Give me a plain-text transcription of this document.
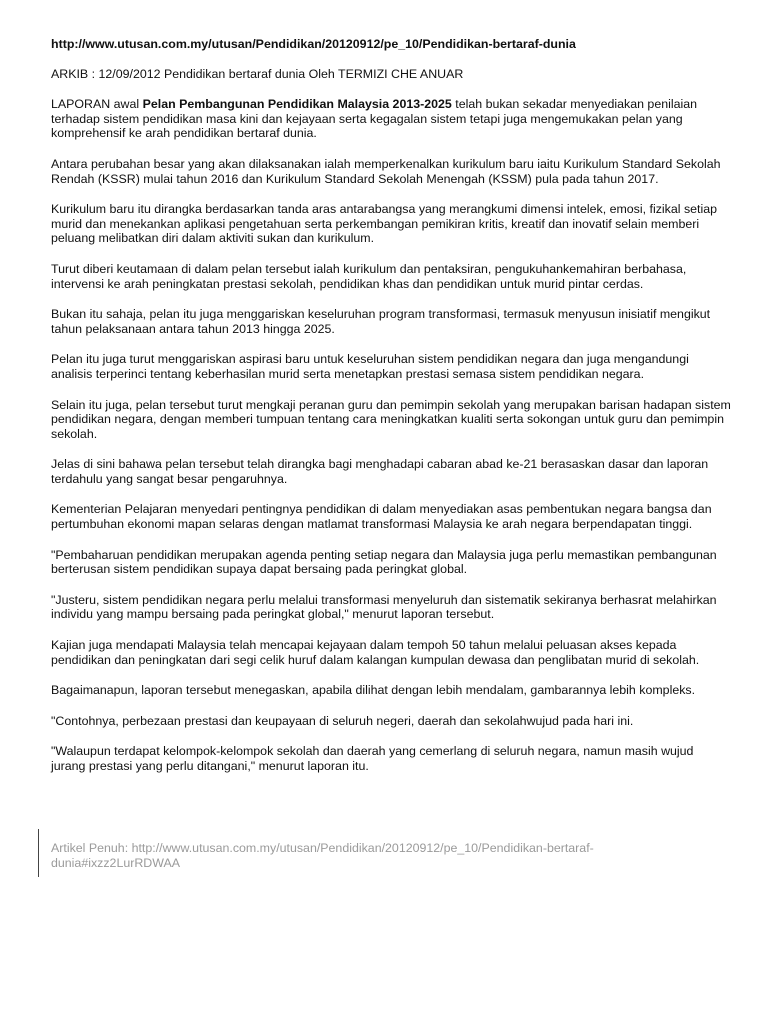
http://www.utusan.com.my/utusan/Pendidikan/20120912/pe_10/Pendidikan-bertaraf-dunia
ARKIB : 12/09/2012 Pendidikan bertaraf dunia Oleh TERMIZI CHE ANUAR
LAPORAN awal Pelan Pembangunan Pendidikan Malaysia 2013-2025 telah bukan sekadar menyediakan penilaian terhadap sistem pendidikan masa kini dan kejayaan serta kegagalan sistem tetapi juga mengemukakan pelan yang komprehensif ke arah pendidikan bertaraf dunia.
Antara perubahan besar yang akan dilaksanakan ialah memperkenalkan kurikulum baru iaitu Kurikulum Standard Sekolah Rendah (KSSR) mulai tahun 2016 dan Kurikulum Standard Sekolah Menengah (KSSM) pula pada tahun 2017.
Kurikulum baru itu dirangka berdasarkan tanda aras antarabangsa yang merangkumi dimensi intelek, emosi, fizikal setiap murid dan menekankan aplikasi pengetahuan serta perkembangan pemikiran kritis, kreatif dan inovatif selain memberi peluang melibatkan diri dalam aktiviti sukan dan kurikulum.
Turut diberi keutamaan di dalam pelan tersebut ialah kurikulum dan pentaksiran, pengukuhankemahiran berbahasa, intervensi ke arah peningkatan prestasi sekolah, pendidikan khas dan pendidikan untuk murid pintar cerdas.
Bukan itu sahaja, pelan itu juga menggariskan keseluruhan program transformasi, termasuk menyusun inisiatif mengikut tahun pelaksanaan antara tahun 2013 hingga 2025.
Pelan itu juga turut menggariskan aspirasi baru untuk keseluruhan sistem pendidikan negara dan juga mengandungi analisis terperinci tentang keberhasilan murid serta menetapkan prestasi semasa sistem pendidikan negara.
Selain itu juga, pelan tersebut turut mengkaji peranan guru dan pemimpin sekolah yang merupakan barisan hadapan sistem pendidikan negara, dengan memberi tumpuan tentang cara meningkatkan kualiti serta sokongan untuk guru dan pemimpin sekolah.
Jelas di sini bahawa pelan tersebut telah dirangka bagi menghadapi cabaran abad ke-21 berasaskan dasar dan laporan terdahulu yang sangat besar pengaruhnya.
Kementerian Pelajaran menyedari pentingnya pendidikan di dalam menyediakan asas pembentukan negara bangsa dan pertumbuhan ekonomi mapan selaras dengan matlamat transformasi Malaysia ke arah negara berpendapatan tinggi.
"Pembaharuan pendidikan merupakan agenda penting setiap negara dan Malaysia juga perlu memastikan pembangunan berterusan sistem pendidikan supaya dapat bersaing pada peringkat global.
"Justeru, sistem pendidikan negara perlu melalui transformasi menyeluruh dan sistematik sekiranya berhasrat melahirkan individu yang mampu bersaing pada peringkat global," menurut laporan tersebut.
Kajian juga mendapati Malaysia telah mencapai kejayaan dalam tempoh 50 tahun melalui peluasan akses kepada pendidikan dan peningkatan dari segi celik huruf dalam kalangan kumpulan dewasa dan penglibatan murid di sekolah.
Bagaimanapun, laporan tersebut menegaskan, apabila dilihat dengan lebih mendalam, gambarannya lebih kompleks.
"Contohnya, perbezaan prestasi dan keupayaan di seluruh negeri, daerah dan sekolahwujud pada hari ini.
"Walaupun terdapat kelompok-kelompok sekolah dan daerah yang cemerlang di seluruh negara, namun masih wujud jurang prestasi yang perlu ditangani," menurut laporan itu.
Artikel Penuh: http://www.utusan.com.my/utusan/Pendidikan/20120912/pe_10/Pendidikan-bertaraf-
dunia#ixzz2LurRDWAA
